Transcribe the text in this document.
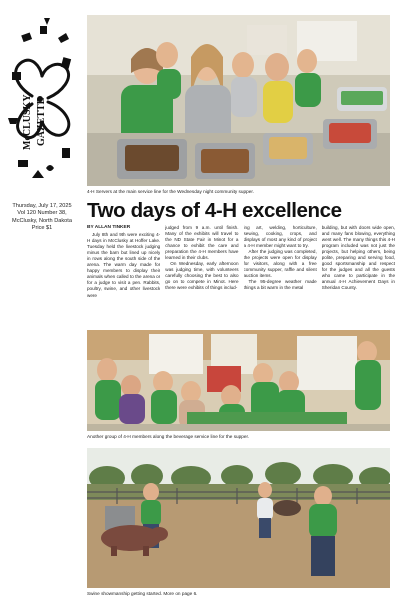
McCLUSKY GAZETTE
Thursday, July 17, 2025
Vol 120 Number 38,
McClusky, North Dakota
Price $1
4-H Servers at the main service line for the Wednesday night community supper.
Two days of 4-H excellence
BY ALLAN TINKER

July 8th and 9th were exciting 4-H days in McClusky at Hoffer Lake. Tuesday held the livestock judging minus the barn but lined up nicely in rows along the south side of the arena. The warm day made for happy members to display their animals when called to the arena or for a judge to visit a pen. Rabbits, poultry, swine, and other livestock were

judged from 9 a.m. until finish. Many of the exhibits will travel to the ND State Fair in Minot for a chance to exhibit the care and preparation the 4-H members have learned in their clubs.

On Wednesday, early afternoon was judging time, with volunteers carefully choosing the best to also go on to compete in Minot. Here there were exhibits of things includ-

ing art, welding, horticulture, sewing, cooking, crops, and displays of most any kind of project a 4-H member might want to try.

After the judging was completed, the projects were open for display for visitors, along with a free community supper, raffle and silent auction items.

The 95-degree weather made things a bit warm in the metal

building, but with doors wide open, and many fans blowing, everything went well. The many things this 4-H program included was not just the projects, but helping others, being polite, preparing and serving food, good sportsmanship and respect for the judges and all the guests who came to participate in the annual 4-H Achievement Days in Sheridan County.

Another group of 4-H members along the beverage service line for the supper.
Swine showmanship getting started. More on page 6.
